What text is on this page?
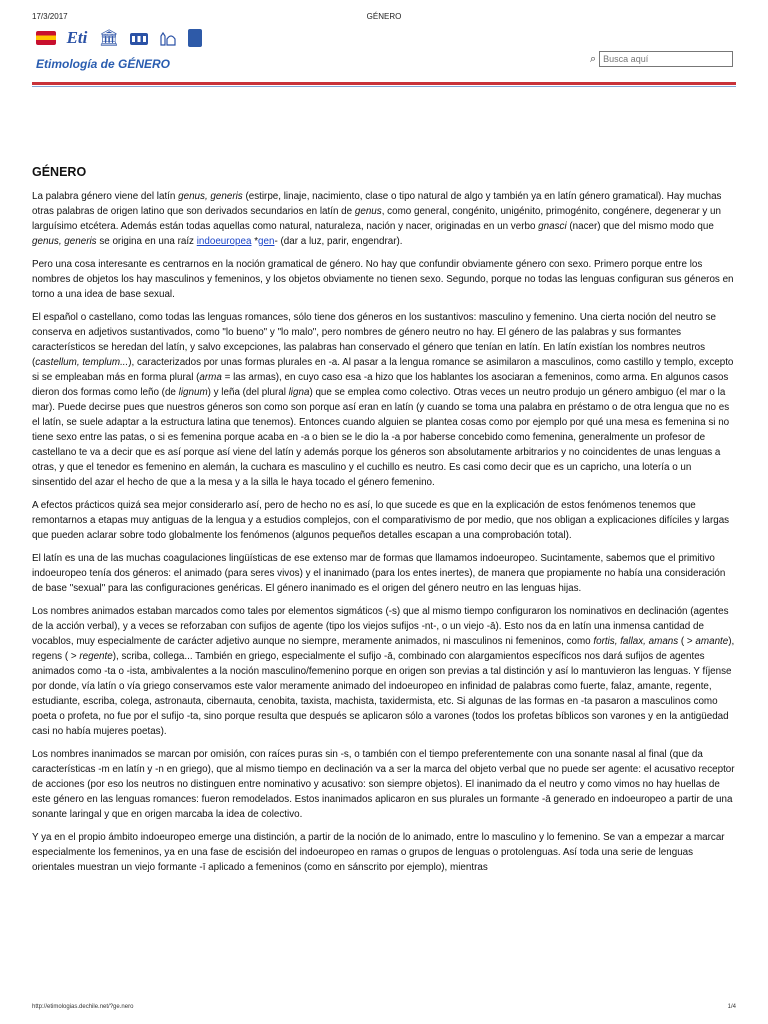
17/3/2017	GÉNERO
Eti 🏛
Etimología de GÉNERO	⌕
Busca aquí
GÉNERO

La palabra género viene del latín genus, generis (estirpe, linaje, nacimiento, clase o tipo natural de algo y también ya en latín género gramatical). Hay muchas otras palabras de origen latino que son derivados secundarios en latín de genus, como general, congénito, unigénito, primogénito, congénere, degenerar y un larguísimo etcétera. Además están todas aquellas como natural, naturaleza, nación y nacer, originadas en un verbo gnasci (nacer) que del mismo modo que genus, generis se origina en una raíz indoeuropea *gen- (dar a luz, parir, engendrar).

Pero una cosa interesante es centrarnos en la noción gramatical de género. No hay que confundir obviamente género con sexo. Primero porque entre los nombres de objetos los hay masculinos y femeninos, y los objetos obviamente no tienen sexo. Segundo, porque no todas las lenguas configuran sus géneros en torno a una idea de base sexual.

El español o castellano, como todas las lenguas romances, sólo tiene dos géneros en los sustantivos: masculino y femenino. Una cierta noción del neutro se conserva en adjetivos sustantivados, como "lo bueno" y "lo malo", pero nombres de género neutro no hay. El género de las palabras y sus formantes característicos se heredan del latín, y salvo excepciones, las palabras han conservado el género que tenían en latín. En latín existían los nombres neutros (castellum, templum...), caracterizados por unas formas plurales en -a. Al pasar a la lengua romance se asimilaron a masculinos, como castillo y templo, excepto si se empleaban más en forma plural (arma = las armas), en cuyo caso esa -a hizo que los hablantes los asociaran a femeninos, como arma. En algunos casos dieron dos formas como leño (de lignum) y leña (del plural ligna) que se emplea como colectivo. Otras veces un neutro produjo un género ambiguo (el mar o la mar). Puede decirse pues que nuestros géneros son como son porque así eran en latín (y cuando se toma una palabra en préstamo o de otra lengua que no es el latín, se suele adaptar a la estructura latina que tenemos). Entonces cuando alguien se plantea cosas como por ejemplo por qué una mesa es femenina si no tiene sexo entre las patas, o si es femenina porque acaba en -a o bien se le dio la -a por haberse concebido como femenina, generalmente un profesor de castellano te va a decir que es así porque así viene del latín y además porque los géneros son absolutamente arbitrarios y no coincidentes de unas lenguas a otras, y que el tenedor es femenino en alemán, la cuchara es masculino y el cuchillo es neutro. Es casi como decir que es un capricho, una lotería o un sinsentido del azar el hecho de que a la mesa y a la silla le haya tocado el género femenino.

A efectos prácticos quizá sea mejor considerarlo así, pero de hecho no es así, lo que sucede es que en la explicación de estos fenómenos tenemos que remontarnos a etapas muy antiguas de la lengua y a estudios complejos, con el comparativismo de por medio, que nos obligan a explicaciones difíciles y largas que pueden aclarar sobre todo globalmente los fenómenos (algunos pequeños detalles escapan a una comprobación total).

El latín es una de las muchas coagulaciones lingüísticas de ese extenso mar de formas que llamamos indoeuropeo. Sucintamente, sabemos que el primitivo indoeuropeo tenía dos géneros: el animado (para seres vivos) y el inanimado (para los entes inertes), de manera que propiamente no había una consideración de base "sexual" para las configuraciones genéricas. El género inanimado es el origen del género neutro en las lenguas hijas.

Los nombres animados estaban marcados como tales por elementos sigmáticos (-s) que al mismo tiempo configuraron los nominativos en declinación (agentes de la acción verbal), y a veces se reforzaban con sufijos de agente (tipo los viejos sufijos -nt-, o un viejo -ā). Esto nos da en latín una inmensa cantidad de vocablos, muy especialmente de carácter adjetivo aunque no siempre, meramente animados, ni masculinos ni femeninos, como fortis, fallax, amans ( > amante), regens ( > regente), scriba, collega... También en griego, especialmente el sufijo -ā, combinado con alargamientos específicos nos dará sufijos de agentes animados como -ta o -ista, ambivalentes a la noción masculino/femenino porque en origen son previas a tal distinción y así lo mantuvieron las lenguas. Y fíjense por donde, vía latín o vía griego conservamos este valor meramente animado del indoeuropeo en infinidad de palabras como fuerte, falaz, amante, regente, estudiante, escriba, colega, astronauta, cibernauta, cenobita, taxista, machista, taxidermista, etc. Si algunas de las formas en -ta pasaron a masculinos como poeta o profeta, no fue por el sufijo -ta, sino porque resulta que después se aplicaron sólo a varones (todos los profetas bíblicos son varones y en la antigüedad casi no había mujeres poetas).

Los nombres inanimados se marcan por omisión, con raíces puras sin -s, o también con el tiempo preferentemente con una sonante nasal al final (que da características -m en latín y -n en griego), que al mismo tiempo en declinación va a ser la marca del objeto verbal que no puede ser agente: el acusativo receptor de acciones (por eso los neutros no distinguen entre nominativo y acusativo: son siempre objetos). El inanimado da el neutro y como vimos no hay huellas de este género en las lenguas romances: fueron remodelados. Estos inanimados aplicaron en sus plurales un formante -ā generado en indoeuropeo a partir de una sonante laringal y que en origen marcaba la idea de colectivo.

Y ya en el propio ámbito indoeuropeo emerge una distinción, a partir de la noción de lo animado, entre lo masculino y lo femenino. Se van a empezar a marcar especialmente los femeninos, ya en una fase de escisión del indoeuropeo en ramas o grupos de lenguas o protolenguas. Así toda una serie de lenguas orientales muestran un viejo formante -ī aplicado a femeninos (como en sánscrito por ejemplo), mientras

http://etimologias.dechile.net/?ge.nero	1/4
